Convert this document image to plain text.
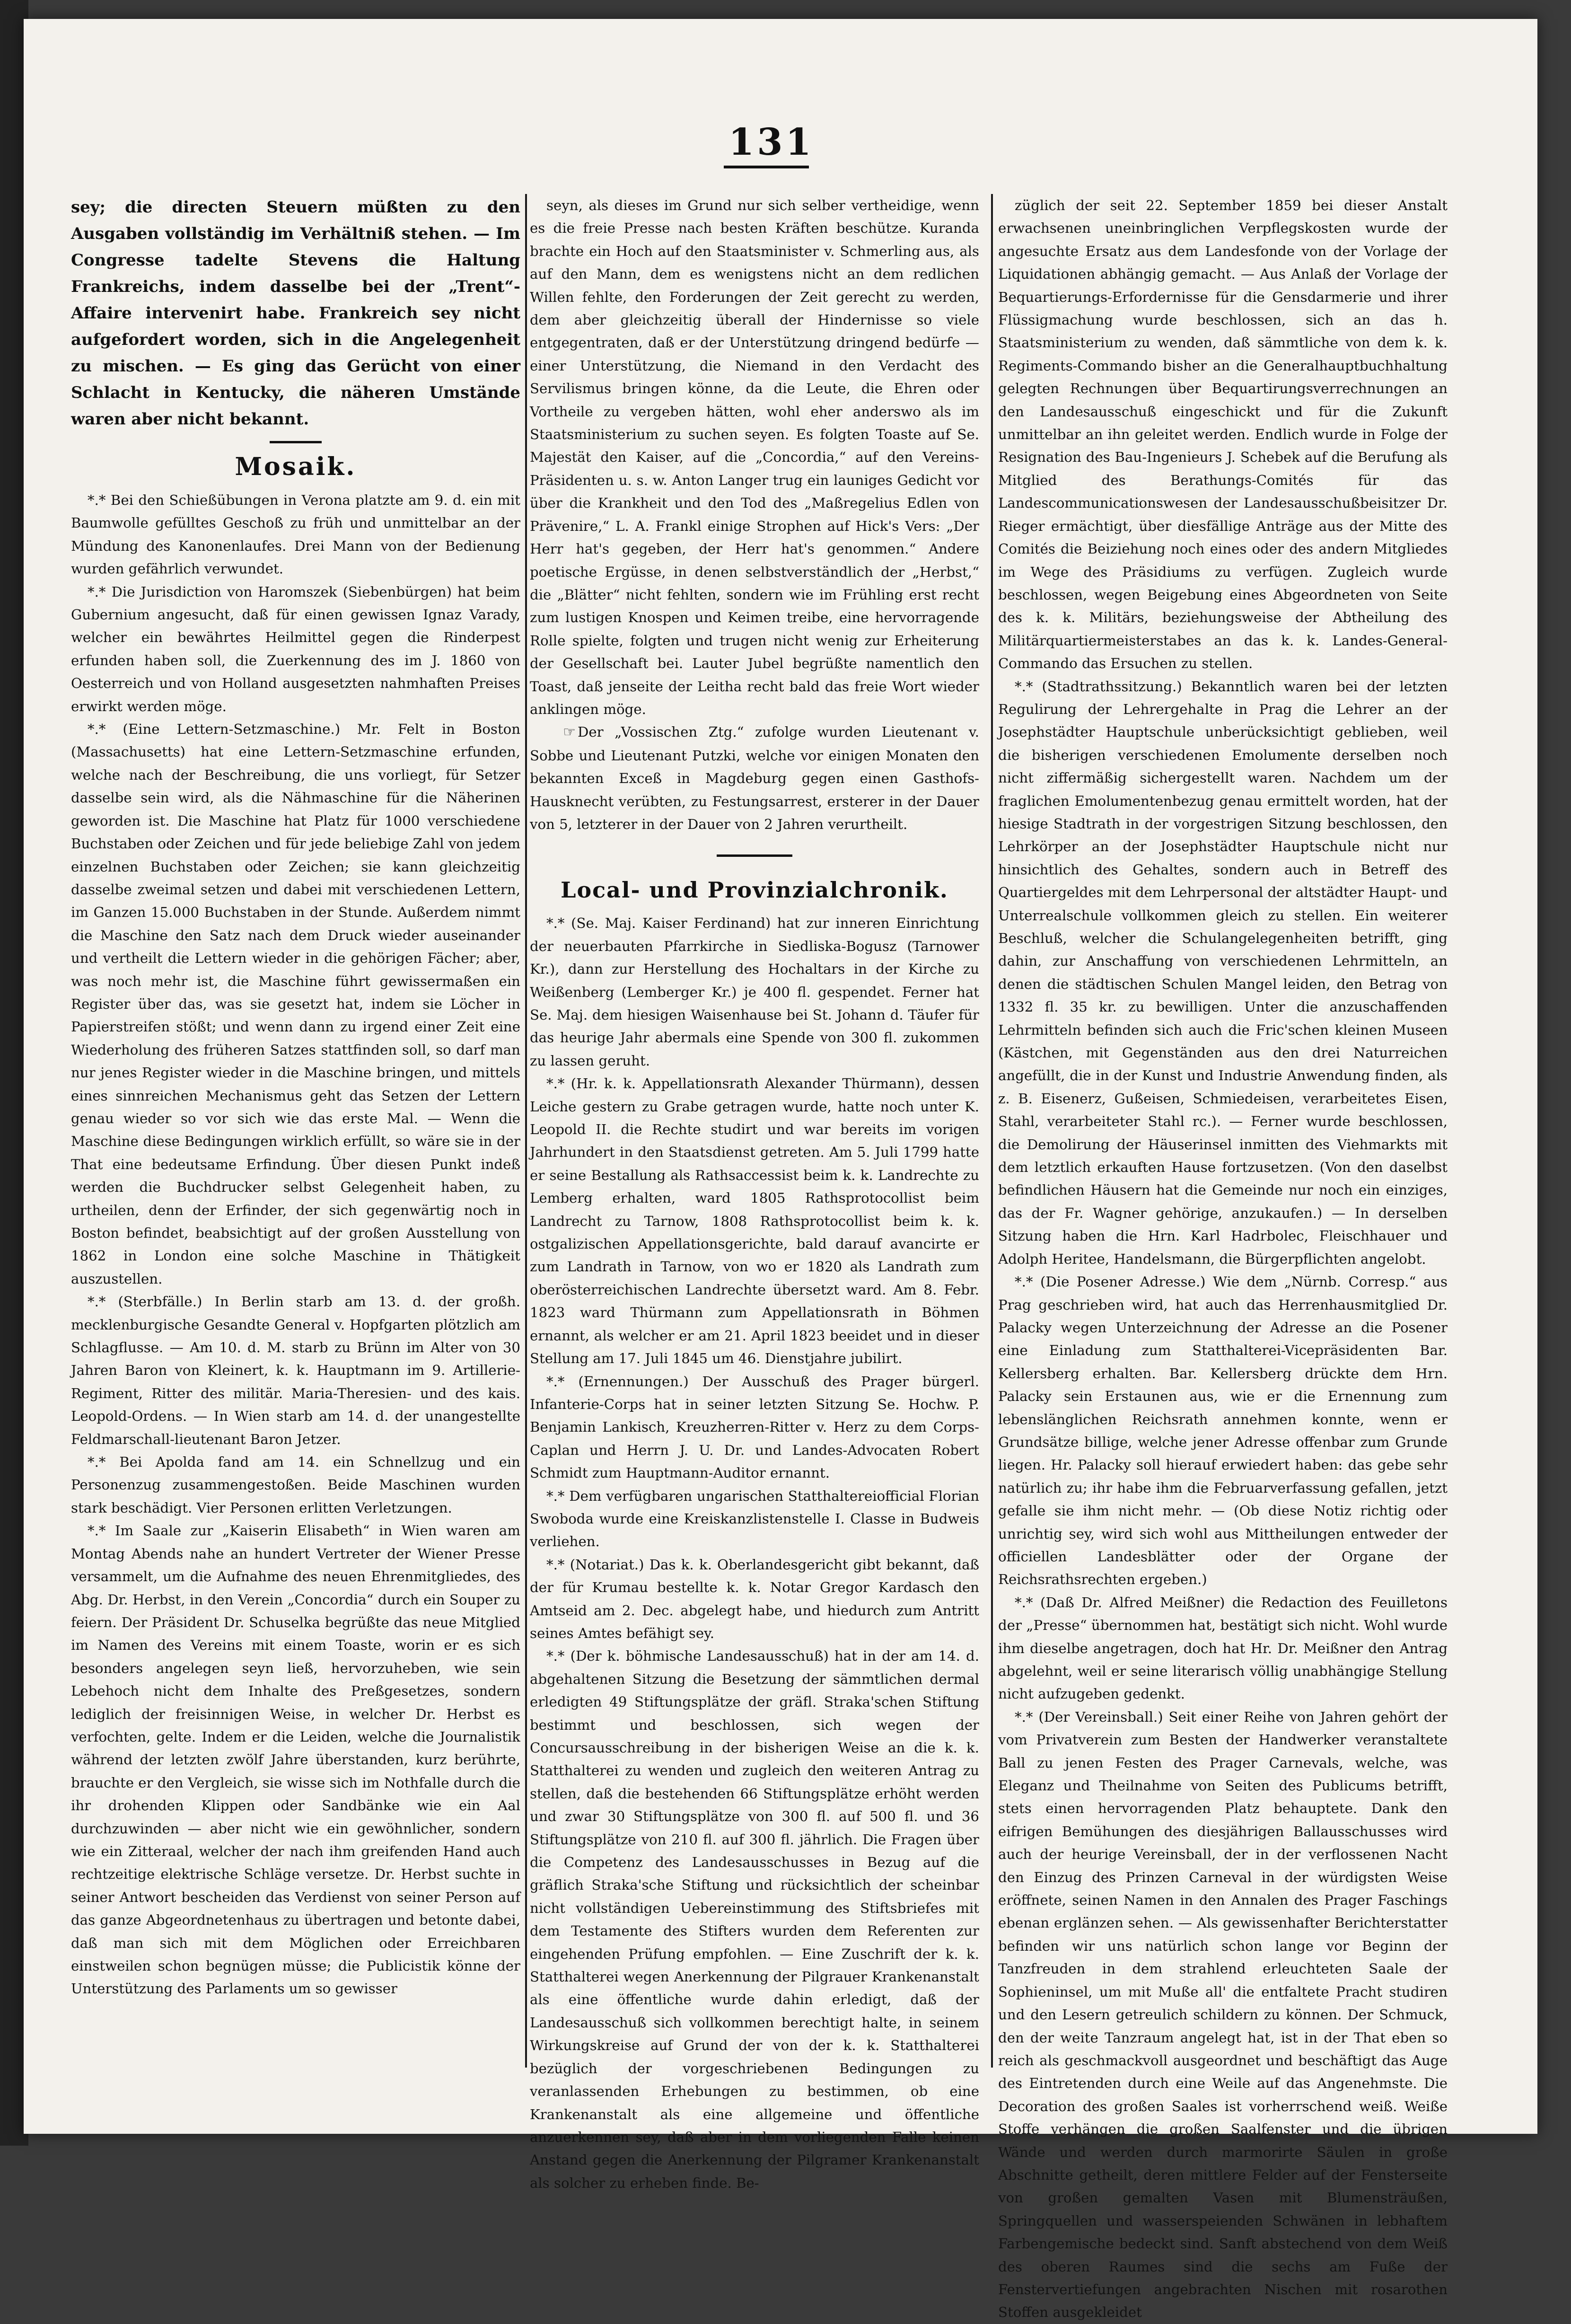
131

sey; die directen Steuern müßten zu den Ausgaben vollständig im Verhältniß stehen. — Im Congresse tadelte Stevens die Haltung Frankreichs, indem dasselbe bei der „Trent“-Affaire intervenirt habe. Frankreich sey nicht aufgefordert worden, sich in die Angelegenheit zu mischen. — Es ging das Gerücht von einer Schlacht in Kentucky, die näheren Umstände waren aber nicht bekannt.

Mosaik.

*.* Bei den Schießübungen in Verona platzte am 9. d. ein mit Baumwolle gefülltes Geschoß zu früh und unmittelbar an der Mündung des Kanonenlaufes. Drei Mann von der Bedienung wurden gefährlich verwundet.

*.* Die Jurisdiction von Haromszek (Siebenbürgen) hat beim Gubernium angesucht, daß für einen gewissen Ignaz Varady, welcher ein bewährtes Heilmittel gegen die Rinderpest erfunden haben soll, die Zuerkennung des im J. 1860 von Oesterreich und von Holland ausgesetzten nahmhaften Preises erwirkt werden möge.

*.* (Eine Lettern-Setzmaschine.) Mr. Felt in Boston (Massachusetts) hat eine Lettern-Setzmaschine erfunden, welche nach der Beschreibung, die uns vorliegt, für Setzer dasselbe sein wird, als die Nähmaschine für die Näherinen geworden ist. Die Maschine hat Platz für 1000 verschiedene Buchstaben oder Zeichen und für jede beliebige Zahl von jedem einzelnen Buchstaben oder Zeichen; sie kann gleichzeitig dasselbe zweimal setzen und dabei mit verschiedenen Lettern, im Ganzen 15.000 Buchstaben in der Stunde. Außerdem nimmt die Maschine den Satz nach dem Druck wieder auseinander und vertheilt die Lettern wieder in die gehörigen Fächer; aber, was noch mehr ist, die Maschine führt gewissermaßen ein Register über das, was sie gesetzt hat, indem sie Löcher in Papierstreifen stößt; und wenn dann zu irgend einer Zeit eine Wiederholung des früheren Satzes stattfinden soll, so darf man nur jenes Register wieder in die Maschine bringen, und mittels eines sinnreichen Mechanismus geht das Setzen der Lettern genau wieder so vor sich wie das erste Mal. — Wenn die Maschine diese Bedingungen wirklich erfüllt, so wäre sie in der That eine bedeutsame Erfindung. Über diesen Punkt indeß werden die Buchdrucker selbst Gelegenheit haben, zu urtheilen, denn der Erfinder, der sich gegenwärtig noch in Boston befindet, beabsichtigt auf der großen Ausstellung von 1862 in London eine solche Maschine in Thätigkeit auszustellen.

*.* (Sterbfälle.) In Berlin starb am 13. d. der großh. mecklenburgische Gesandte General v. Hopfgarten plötzlich am Schlagflusse. — Am 10. d. M. starb zu Brünn im Alter von 30 Jahren Baron von Kleinert, k. k. Hauptmann im 9. Artillerie-Regiment, Ritter des militär. Maria-Theresien- und des kais. Leopold-Ordens. — In Wien starb am 14. d. der unangestellte Feldmarschall-lieutenant Baron Jetzer.

*.* Bei Apolda fand am 14. ein Schnellzug und ein Personenzug zusammengestoßen. Beide Maschinen wurden stark beschädigt. Vier Personen erlitten Verletzungen.

*.* Im Saale zur „Kaiserin Elisabeth“ in Wien waren am Montag Abends nahe an hundert Vertreter der Wiener Presse versammelt, um die Aufnahme des neuen Ehrenmitgliedes, des Abg. Dr. Herbst, in den Verein „Concordia“ durch ein Souper zu feiern. Der Präsident Dr. Schuselka begrüßte das neue Mitglied im Namen des Vereins mit einem Toaste, worin er es sich besonders angelegen seyn ließ, hervorzuheben, wie sein Lebehoch nicht dem Inhalte des Preßgesetzes, sondern lediglich der freisinnigen Weise, in welcher Dr. Herbst es verfochten, gelte. Indem er die Leiden, welche die Journalistik während der letzten zwölf Jahre überstanden, kurz berührte, brauchte er den Vergleich, sie wisse sich im Nothfalle durch die ihr drohenden Klippen oder Sandbänke wie ein Aal durchzuwinden — aber nicht wie ein gewöhnlicher, sondern wie ein Zitteraal, welcher der nach ihm greifenden Hand auch rechtzeitige elektrische Schläge versetze. Dr. Herbst suchte in seiner Antwort bescheiden das Verdienst von seiner Person auf das ganze Abgeordnetenhaus zu übertragen und betonte dabei, daß man sich mit dem Möglichen oder Erreichbaren einstweilen schon begnügen müsse; die Publicistik könne der Unterstützung des Parlaments um so gewisser

seyn, als dieses im Grund nur sich selber vertheidige, wenn es die freie Presse nach besten Kräften beschütze. Kuranda brachte ein Hoch auf den Staatsminister v. Schmerling aus, als auf den Mann, dem es wenigstens nicht an dem redlichen Willen fehlte, den Forderungen der Zeit gerecht zu werden, dem aber gleichzeitig überall der Hindernisse so viele entgegentraten, daß er der Unterstützung dringend bedürfe — einer Unterstützung, die Niemand in den Verdacht des Servilismus bringen könne, da die Leute, die Ehren oder Vortheile zu vergeben hätten, wohl eher anderswo als im Staatsministerium zu suchen seyen. Es folgten Toaste auf Se. Majestät den Kaiser, auf die „Concordia,“ auf den Vereins-Präsidenten u. s. w. Anton Langer trug ein launiges Gedicht vor über die Krankheit und den Tod des „Maßregelius Edlen von Prävenire,“ L. A. Frankl einige Strophen auf Hick's Vers: „Der Herr hat's gegeben, der Herr hat's genommen.“ Andere poetische Ergüsse, in denen selbstverständlich der „Herbst,“ die „Blätter“ nicht fehlten, sondern wie im Frühling erst recht zum lustigen Knospen und Keimen treibe, eine hervorragende Rolle spielte, folgten und trugen nicht wenig zur Erheiterung der Gesellschaft bei. Lauter Jubel begrüßte namentlich den Toast, daß jenseite der Leitha recht bald das freie Wort wieder anklingen möge.

☞ Der „Vossischen Ztg.“ zufolge wurden Lieutenant v. Sobbe und Lieutenant Putzki, welche vor einigen Monaten den bekannten Exceß in Magdeburg gegen einen Gasthofs-Hausknecht verübten, zu Festungsarrest, ersterer in der Dauer von 5, letzterer in der Dauer von 2 Jahren verurtheilt.

Local- und Provinzialchronik.

*.* (Se. Maj. Kaiser Ferdinand) hat zur inneren Einrichtung der neuerbauten Pfarrkirche in Siedliska-Bogusz (Tarnower Kr.), dann zur Herstellung des Hochaltars in der Kirche zu Weißenberg (Lemberger Kr.) je 400 fl. gespendet. Ferner hat Se. Maj. dem hiesigen Waisenhause bei St. Johann d. Täufer für das heurige Jahr abermals eine Spende von 300 fl. zukommen zu lassen geruht.

*.* (Hr. k. k. Appellationsrath Alexander Thürmann), dessen Leiche gestern zu Grabe getragen wurde, hatte noch unter K. Leopold II. die Rechte studirt und war bereits im vorigen Jahrhundert in den Staatsdienst getreten. Am 5. Juli 1799 hatte er seine Bestallung als Rathsaccessist beim k. k. Landrechte zu Lemberg erhalten, ward 1805 Rathsprotocollist beim Landrecht zu Tarnow, 1808 Rathsprotocollist beim k. k. ostgalizischen Appellationsgerichte, bald darauf avancirte er zum Landrath in Tarnow, von wo er 1820 als Landrath zum oberösterreichischen Landrechte übersetzt ward. Am 8. Febr. 1823 ward Thürmann zum Appellationsrath in Böhmen ernannt, als welcher er am 21. April 1823 beeidet und in dieser Stellung am 17. Juli 1845 um 46. Dienstjahre jubilirt.

*.* (Ernennungen.) Der Ausschuß des Prager bürgerl. Infanterie-Corps hat in seiner letzten Sitzung Se. Hochw. P. Benjamin Lankisch, Kreuzherren-Ritter v. Herz zu dem Corps-Caplan und Herrn J. U. Dr. und Landes-Advocaten Robert Schmidt zum Hauptmann-Auditor ernannt.

*.* Dem verfügbaren ungarischen Statthaltereiofficial Florian Swoboda wurde eine Kreiskanzlistenstelle I. Classe in Budweis verliehen.

*.* (Notariat.) Das k. k. Oberlandesgericht gibt bekannt, daß der für Krumau bestellte k. k. Notar Gregor Kardasch den Amtseid am 2. Dec. abgelegt habe, und hiedurch zum Antritt seines Amtes befähigt sey.

*.* (Der k. böhmische Landesausschuß) hat in der am 14. d. abgehaltenen Sitzung die Besetzung der sämmtlichen dermal erledigten 49 Stiftungsplätze der gräfl. Straka'schen Stiftung bestimmt und beschlossen, sich wegen der Concursausschreibung in der bisherigen Weise an die k. k. Statthalterei zu wenden und zugleich den weiteren Antrag zu stellen, daß die bestehenden 66 Stiftungsplätze erhöht werden und zwar 30 Stiftungsplätze von 300 fl. auf 500 fl. und 36 Stiftungsplätze von 210 fl. auf 300 fl. jährlich. Die Fragen über die Competenz des Landesausschusses in Bezug auf die gräflich Straka'sche Stiftung und rücksichtlich der scheinbar nicht vollständigen Uebereinstimmung des Stiftsbriefes mit dem Testamente des Stifters wurden dem Referenten zur eingehenden Prüfung empfohlen. — Eine Zuschrift der k. k. Statthalterei wegen Anerkennung der Pilgrauer Krankenanstalt als eine öffentliche wurde dahin erledigt, daß der Landesausschuß sich vollkommen berechtigt halte, in seinem Wirkungskreise auf Grund der von der k. k. Statthalterei bezüglich der vorgeschriebenen Bedingungen zu veranlassenden Erhebungen zu bestimmen, ob eine Krankenanstalt als eine allgemeine und öffentliche anzuerkennen sey, daß aber in dem vorliegenden Falle keinen Anstand gegen die Anerkennung der Pilgramer Krankenanstalt als solcher zu erheben finde. Be-

züglich der seit 22. September 1859 bei dieser Anstalt erwachsenen uneinbringlichen Verpflegskosten wurde der angesuchte Ersatz aus dem Landesfonde von der Vorlage der Liquidationen abhängig gemacht. — Aus Anlaß der Vorlage der Bequartierungs-Erfordernisse für die Gensdarmerie und ihrer Flüssigmachung wurde beschlossen, sich an das h. Staatsministerium zu wenden, daß sämmtliche von dem k. k. Regiments-Commando bisher an die Generalhauptbuchhaltung gelegten Rechnungen über Bequartirungsverrechnungen an den Landesausschuß eingeschickt und für die Zukunft unmittelbar an ihn geleitet werden. Endlich wurde in Folge der Resignation des Bau-Ingenieurs J. Schebek auf die Berufung als Mitglied des Berathungs-Comités für das Landescommunicationswesen der Landesausschußbeisitzer Dr. Rieger ermächtigt, über diesfällige Anträge aus der Mitte des Comités die Beiziehung noch eines oder des andern Mitgliedes im Wege des Präsidiums zu verfügen. Zugleich wurde beschlossen, wegen Beigebung eines Abgeordneten von Seite des k. k. Militärs, beziehungsweise der Abtheilung des Militärquartiermeisterstabes an das k. k. Landes-General-Commando das Ersuchen zu stellen.

*.* (Stadtrathssitzung.) Bekanntlich waren bei der letzten Regulirung der Lehrergehalte in Prag die Lehrer an der Josephstädter Hauptschule unberücksichtigt geblieben, weil die bisherigen verschiedenen Emolumente derselben noch nicht ziffermäßig sichergestellt waren. Nachdem um der fraglichen Emolumentenbezug genau ermittelt worden, hat der hiesige Stadtrath in der vorgestrigen Sitzung beschlossen, den Lehrkörper an der Josephstädter Hauptschule nicht nur hinsichtlich des Gehaltes, sondern auch in Betreff des Quartiergeldes mit dem Lehrpersonal der altstädter Haupt- und Unterrealschule vollkommen gleich zu stellen. Ein weiterer Beschluß, welcher die Schulangelegenheiten betrifft, ging dahin, zur Anschaffung von verschiedenen Lehrmitteln, an denen die städtischen Schulen Mangel leiden, den Betrag von 1332 fl. 35 kr. zu bewilligen. Unter die anzuschaffenden Lehrmitteln befinden sich auch die Fric'schen kleinen Museen (Kästchen, mit Gegenständen aus den drei Naturreichen angefüllt, die in der Kunst und Industrie Anwendung finden, als z. B. Eisenerz, Gußeisen, Schmiedeisen, verarbeitetes Eisen, Stahl, verarbeiteter Stahl rc.). — Ferner wurde beschlossen, die Demolirung der Häuserinsel inmitten des Viehmarkts mit dem letztlich erkauften Hause fortzusetzen. (Von den daselbst befindlichen Häusern hat die Gemeinde nur noch ein einziges, das der Fr. Wagner gehörige, anzukaufen.) — In derselben Sitzung haben die Hrn. Karl Hadrbolec, Fleischhauer und Adolph Heritee, Handelsmann, die Bürgerpflichten angelobt.

*.* (Die Posener Adresse.) Wie dem „Nürnb. Corresp.“ aus Prag geschrieben wird, hat auch das Herrenhausmitglied Dr. Palacky wegen Unterzeichnung der Adresse an die Posener eine Einladung zum Statthalterei-Vicepräsidenten Bar. Kellersberg erhalten. Bar. Kellersberg drückte dem Hrn. Palacky sein Erstaunen aus, wie er die Ernennung zum lebenslänglichen Reichsrath annehmen konnte, wenn er Grundsätze billige, welche jener Adresse offenbar zum Grunde liegen. Hr. Palacky soll hierauf erwiedert haben: das gebe sehr natürlich zu; ihr habe ihm die Februarverfassung gefallen, jetzt gefalle sie ihm nicht mehr. — (Ob diese Notiz richtig oder unrichtig sey, wird sich wohl aus Mittheilungen entweder der officiellen Landesblätter oder der Organe der Reichsrathsrechten ergeben.)

*.* (Daß Dr. Alfred Meißner) die Redaction des Feuilletons der „Presse“ übernommen hat, bestätigt sich nicht. Wohl wurde ihm dieselbe angetragen, doch hat Hr. Dr. Meißner den Antrag abgelehnt, weil er seine literarisch völlig unabhängige Stellung nicht aufzugeben gedenkt.

*.* (Der Vereinsball.) Seit einer Reihe von Jahren gehört der vom Privatverein zum Besten der Handwerker veranstaltete Ball zu jenen Festen des Prager Carnevals, welche, was Eleganz und Theilnahme von Seiten des Publicums betrifft, stets einen hervorragenden Platz behauptete. Dank den eifrigen Bemühungen des diesjährigen Ballausschusses wird auch der heurige Vereinsball, der in der verflossenen Nacht den Einzug des Prinzen Carneval in der würdigsten Weise eröffnete, seinen Namen in den Annalen des Prager Faschings ebenan erglänzen sehen. — Als gewissenhafter Berichterstatter befinden wir uns natürlich schon lange vor Beginn der Tanzfreuden in dem strahlend erleuchteten Saale der Sophieninsel, um mit Muße all' die entfaltete Pracht studiren und den Lesern getreulich schildern zu können. Der Schmuck, den der weite Tanzraum angelegt hat, ist in der That eben so reich als geschmackvoll ausgeordnet und beschäftigt das Auge des Eintretenden durch eine Weile auf das Angenehmste. Die Decoration des großen Saales ist vorherrschend weiß. Weiße Stoffe verhängen die großen Saalfenster und die übrigen Wände und werden durch marmorirte Säulen in große Abschnitte getheilt, deren mittlere Felder auf der Fensterseite von großen gemalten Vasen mit Blumensträußen, Springquellen und wasserspeienden Schwänen in lebhaftem Farbengemische bedeckt sind. Sanft abstechend von dem Weiß des oberen Raumes sind die sechs am Fuße der Fenstervertiefungen angebrachten Nischen mit rosarothen Stoffen ausgekleidet
